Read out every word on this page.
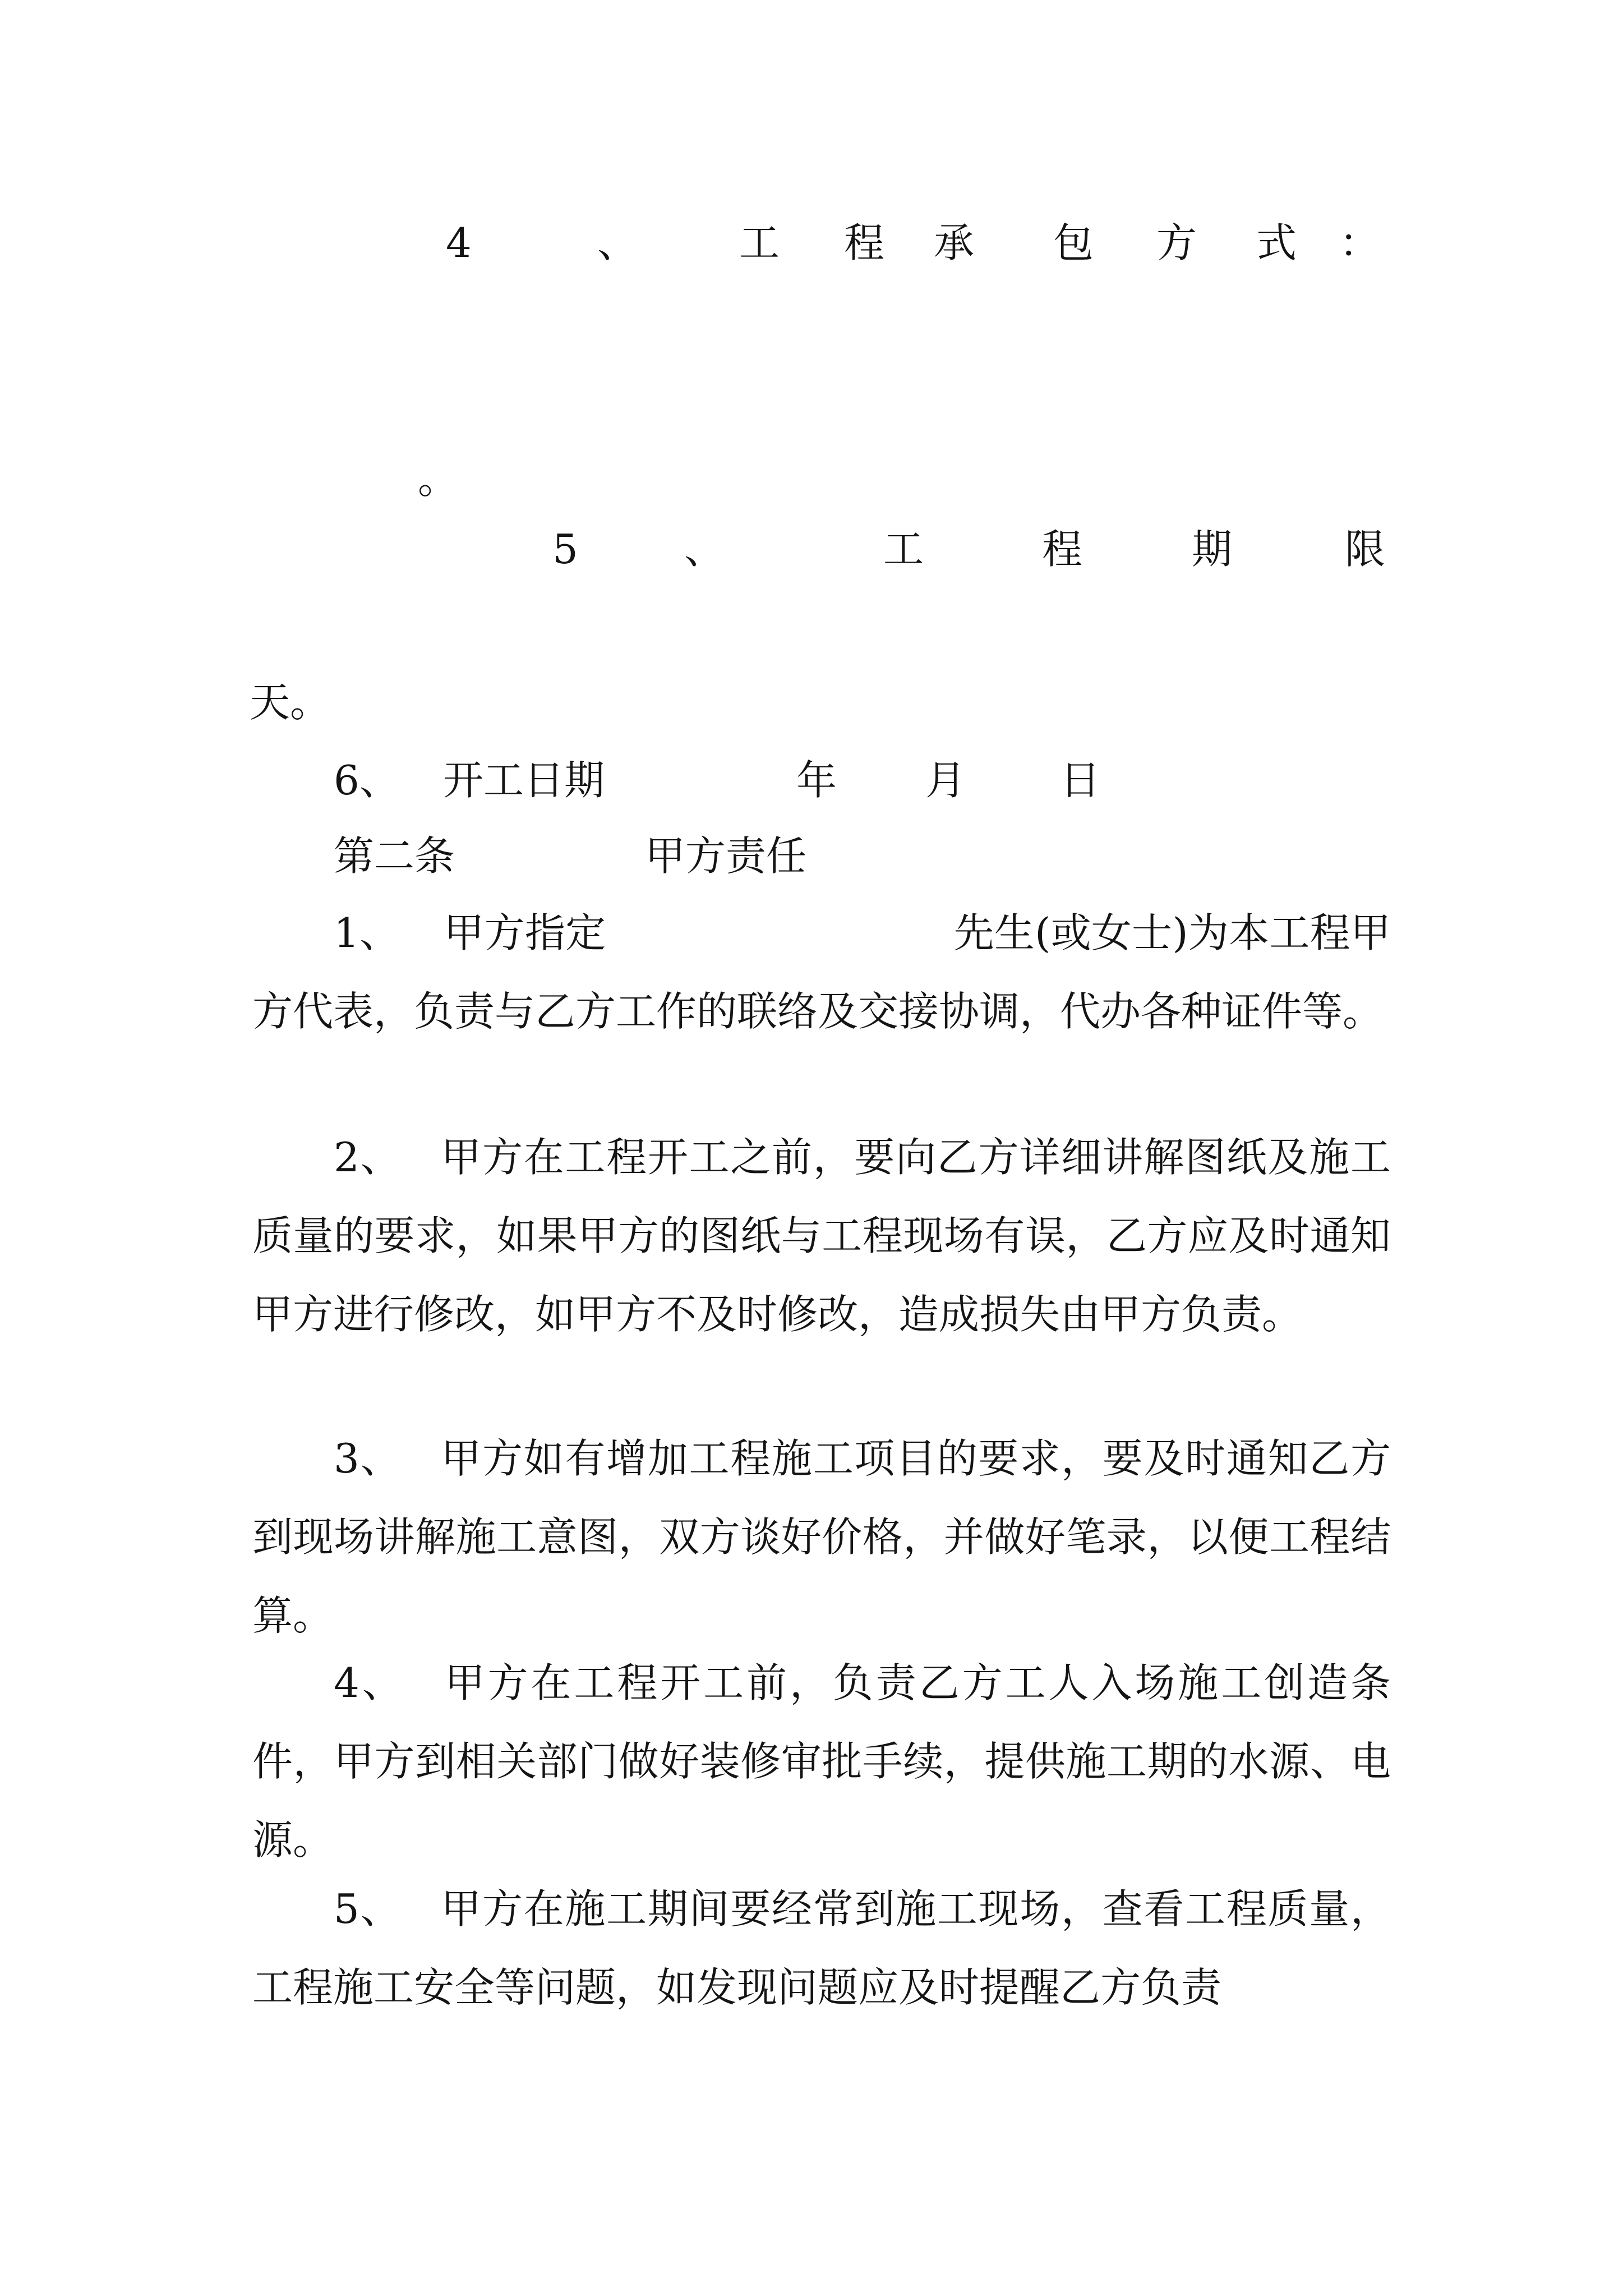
4	、	工 程 承 包 方 式 ：
。
5	、	工	程	期	限
天。
6、 开工日期	年 月 日
第二条	甲方责任
1、 甲方指定	先生(或女士)为本工程甲方代表，负责与乙方工作的联络及交接协调，代办各种证件等。
2、 甲方在工程开工之前，要向乙方详细讲解图纸及施工质量的要求，如果甲方的图纸与工程现场有误，乙方应及时通知甲方进行修改，如甲方不及时修改，造成损失由甲方负责。
3、 甲方如有增加工程施工项目的要求，要及时通知乙方到现场讲解施工意图，双方谈好价格，并做好笔录，以便工程结算。
4、 甲方在工程开工前，负责乙方工人入场施工创造条件，甲方到相关部门做好装修审批手续，提供施工期的水源、电源。
5、 甲方在施工期间要经常到施工现场，查看工程质量，工程施工安全等问题，如发现问题应及时提醒乙方负责
